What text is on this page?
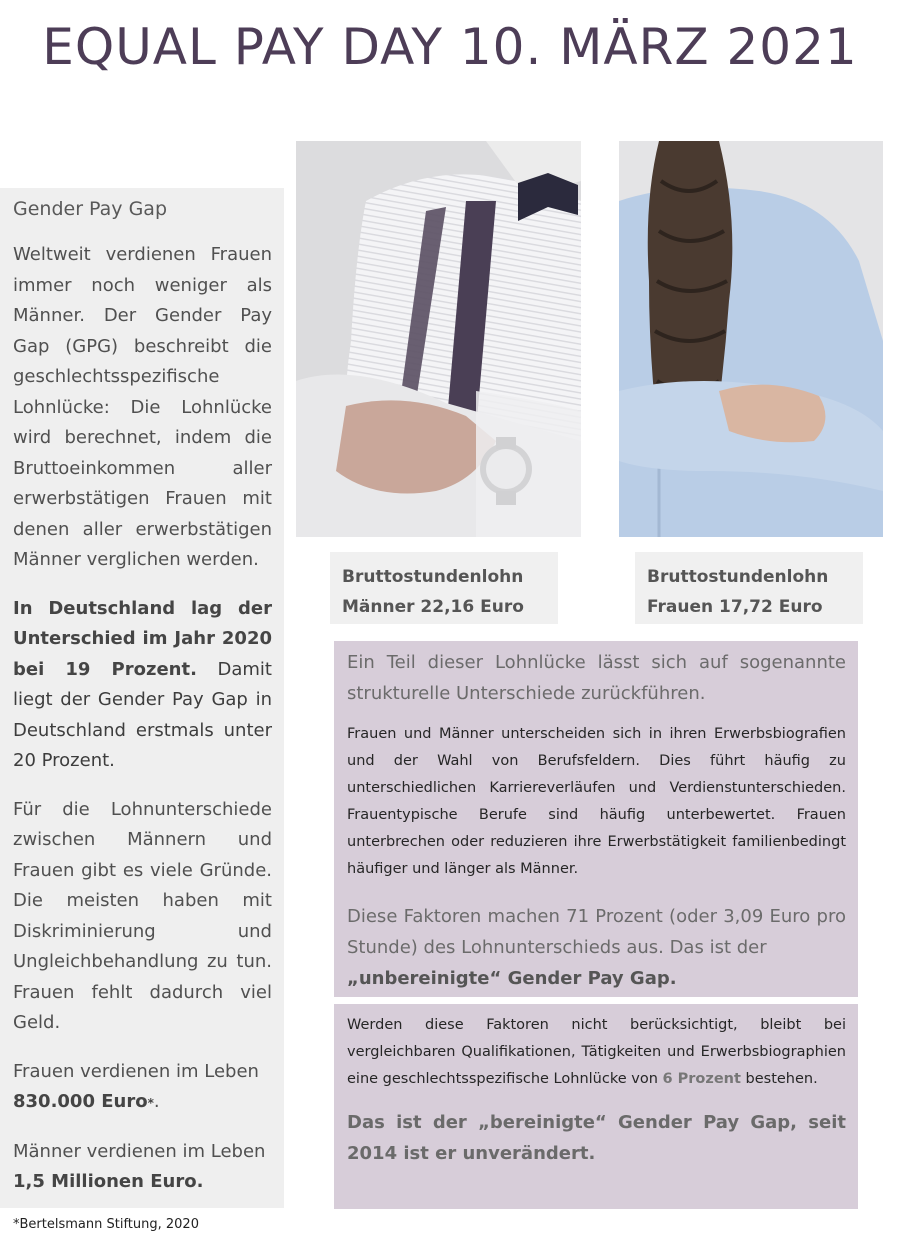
EQUAL PAY DAY 10. MÄRZ 2021
Gender Pay Gap

Weltweit verdienen Frauen immer noch weniger als Männer. Der Gender Pay Gap (GPG) beschreibt die geschlechtsspezifische Lohnlücke: Die Lohnlücke wird berechnet, indem die Bruttoeinkommen aller erwerbstätigen Frauen mit denen aller erwerbstätigen Männer verglichen werden.

In Deutschland lag der Unterschied im Jahr 2020 bei 19 Prozent. Damit liegt der Gender Pay Gap in Deutschland erstmals unter 20 Prozent.

Für die Lohnunterschiede zwischen Männern und Frauen gibt es viele Gründe. Die meisten haben mit Diskriminierung und Ungleichbehandlung zu tun. Frauen fehlt dadurch viel Geld.

Frauen verdienen im Leben
830.000 Euro*.

Männer verdienen im Leben
1,5 Millionen Euro.

*Bertelsmann Stiftung, 2020

Bruttostundenlohn
Männer 22,16 Euro
Bruttostundenlohn
Frauen 17,72 Euro

Ein Teil dieser Lohnlücke lässt sich auf sogenannte strukturelle Unterschiede zurückführen.

Frauen und Männer unterscheiden sich in ihren Erwerbsbiografien und der Wahl von Berufsfeldern. Dies führt häufig zu unterschiedlichen Karriereverläufen und Verdienstunterschieden. Frauentypische Berufe sind häufig unterbewertet. Frauen unterbrechen oder reduzieren ihre Erwerbstätigkeit familienbedingt häufiger und länger als Männer.

Diese Faktoren machen 71 Prozent (oder 3,09 Euro pro Stunde) des Lohnunterschieds aus. Das ist der
„unbereinigte“ Gender Pay Gap.

Werden diese Faktoren nicht berücksichtigt, bleibt bei vergleichbaren Qualifikationen, Tätigkeiten und Erwerbsbiographien eine geschlechtsspezifische Lohnlücke von 6 Prozent bestehen.

Das ist der „bereinigte“ Gender Pay Gap, seit 2014 ist er unverändert.
